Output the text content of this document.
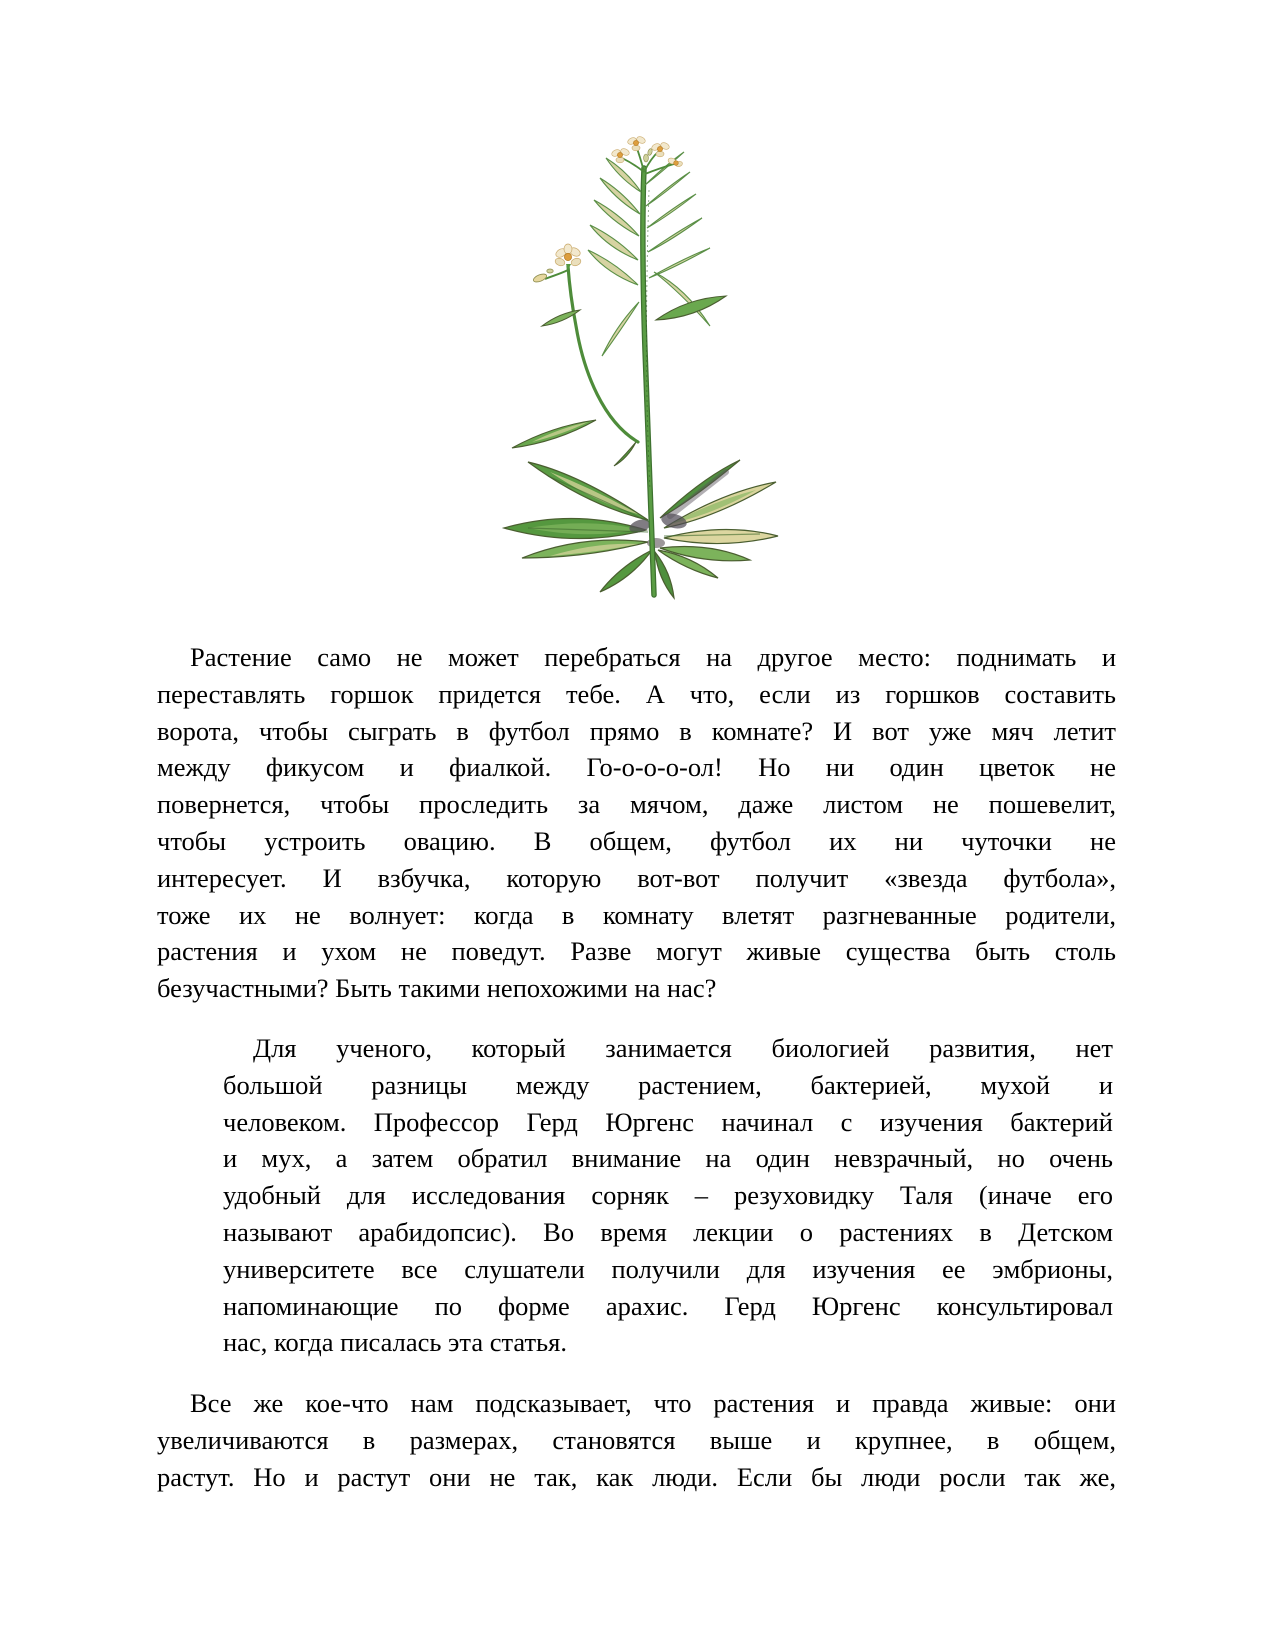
Растение само не может перебраться на другое место: поднимать и
переставлять горшок придется тебе. А что, если из горшков составить
ворота, чтобы сыграть в футбол прямо в комнате? И вот уже мяч летит
между фикусом и фиалкой. Го-о-о-о-ол! Но ни один цветок не
повернется, чтобы проследить за мячом, даже листом не пошевелит,
чтобы устроить овацию. В общем, футбол их ни чуточки не
интересует. И взбучка, которую вот-вот получит «звезда футбола»,
тоже их не волнует: когда в комнату влетят разгневанные родители,
растения и ухом не поведут. Разве могут живые существа быть столь
безучастными? Быть такими непохожими на нас?
Для ученого, который занимается биологией развития, нет
большой разницы между растением, бактерией, мухой и
человеком. Профессор Герд Юргенс начинал с изучения бактерий
и мух, а затем обратил внимание на один невзрачный, но очень
удобный для исследования сорняк – резуховидку Таля (иначе его
называют арабидопсис). Во время лекции о растениях в Детском
университете все слушатели получили для изучения ее эмбрионы,
напоминающие по форме арахис. Герд Юргенс консультировал
нас, когда писалась эта статья.
Все же кое-что нам подсказывает, что растения и правда живые: они
увеличиваются в размерах, становятся выше и крупнее, в общем,
растут. Но и растут они не так, как люди. Если бы люди росли так же,
